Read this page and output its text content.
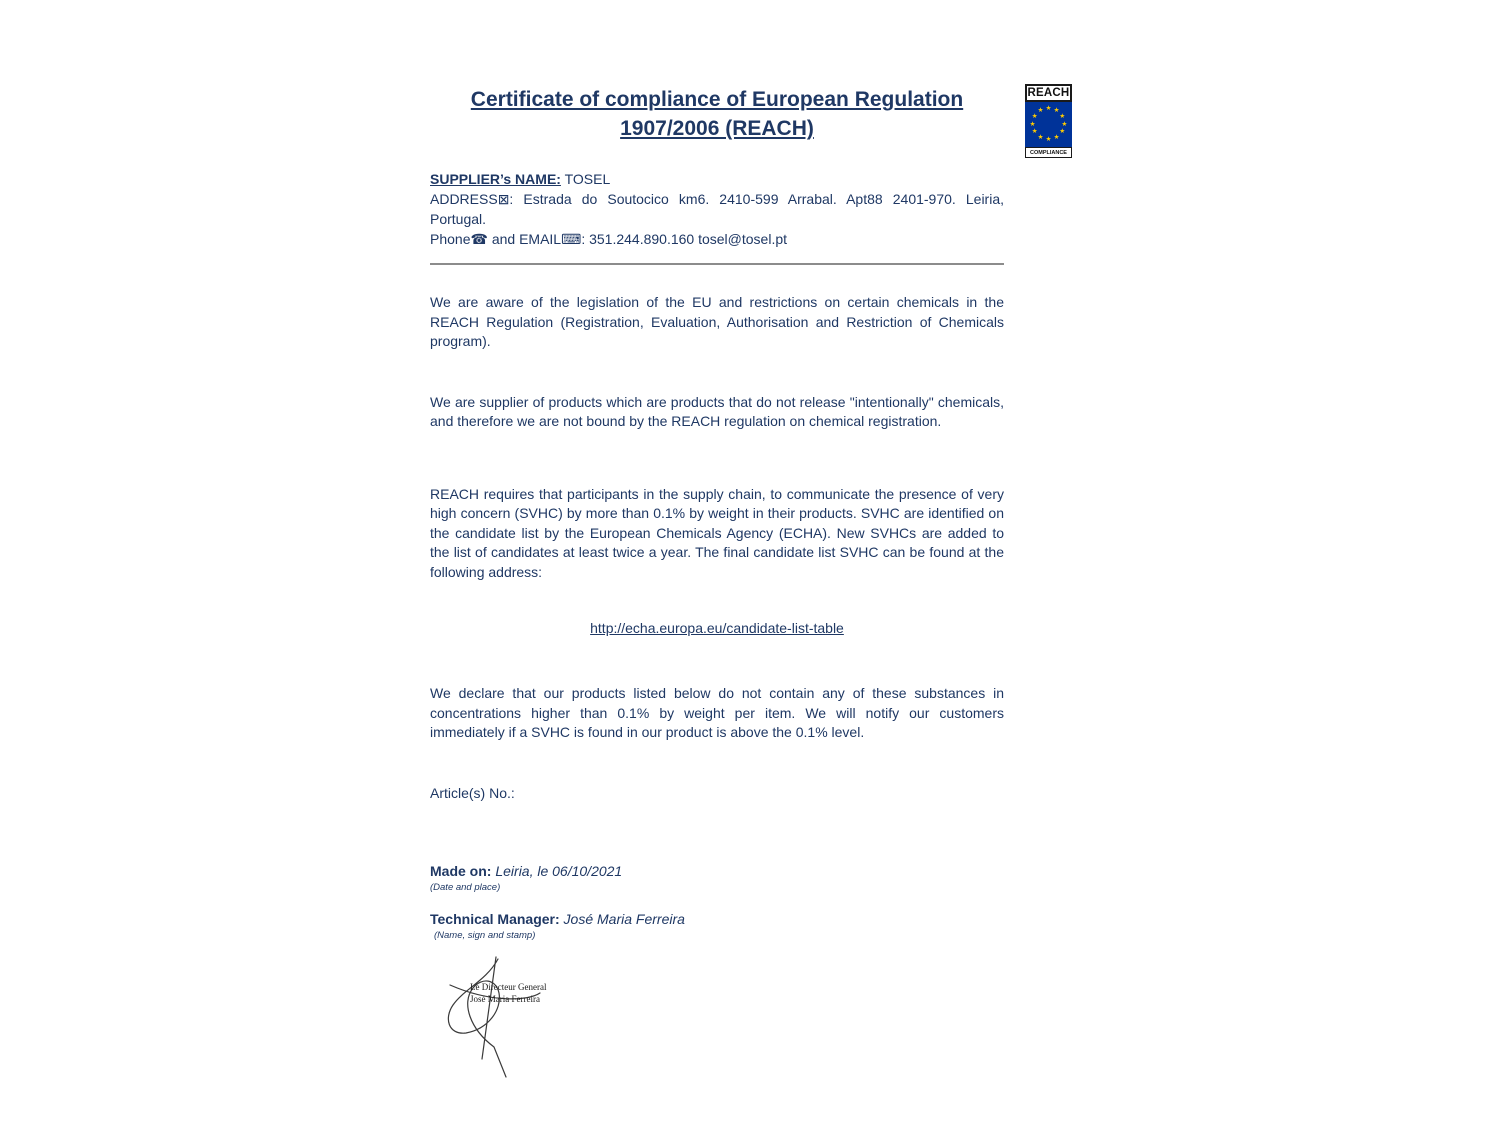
REACH
★ ★
★
★
★
★
★
★
★
★
★
★
COMPLIANCE
Certificate of compliance of European Regulation
1907/2006 (REACH)
SUPPLIER’s NAME: TOSEL
ADDRESS⊠: Estrada do Soutocico km6. 2410-599 Arrabal. Apt88 2401-970. Leiria, Portugal.
Phone☎ and EMAIL⌨: 351.244.890.160 tosel@tosel.pt

We are aware of the legislation of the EU and restrictions on certain chemicals in the REACH Regulation (Registration, Evaluation, Authorisation and Restriction of Chemicals program).

We are supplier of products which are products that do not release "intentionally" chemicals, and therefore we are not bound by the REACH regulation on chemical registration.

REACH requires that participants in the supply chain, to communicate the presence of very high concern (SVHC) by more than 0.1% by weight in their products. SVHC are identified on the candidate list by the European Chemicals Agency (ECHA). New SVHCs are added to the list of candidates at least twice a year. The final candidate list SVHC can be found at the following address:

http://echa.europa.eu/candidate-list-table

We declare that our products listed below do not contain any of these substances in concentrations higher than 0.1% by weight per item. We will notify our customers immediately if a SVHC is found in our product is above the 0.1% level.

Article(s) No.:
Made on: Leiria, le 06/10/2021
(Date and place)
Technical Manager: José Maria Ferreira
(Name, sign and stamp)
Le Directeur General
José Maria Ferreira
